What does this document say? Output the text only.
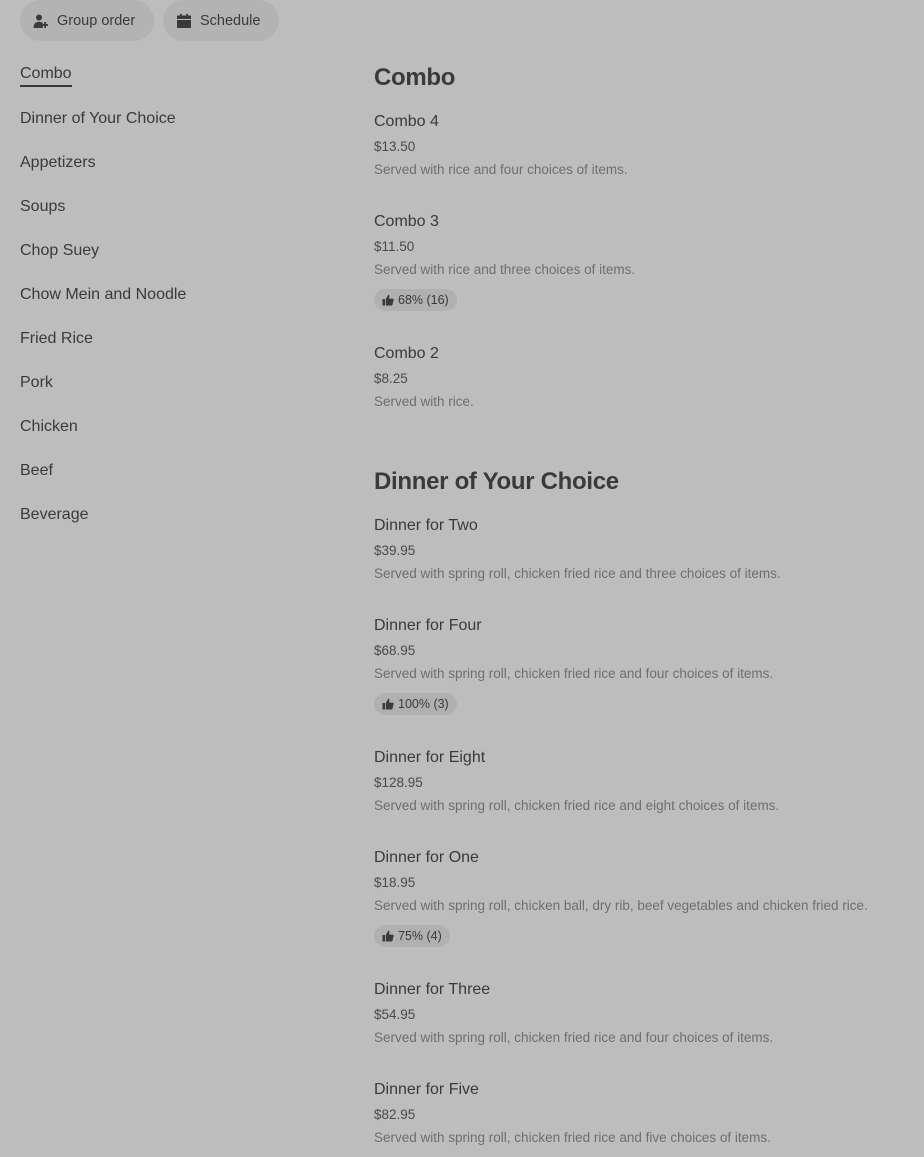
Group order	Schedule
Combo
Dinner of Your Choice
Appetizers
Soups
Chop Suey
Chow Mein and Noodle
Fried Rice
Pork
Chicken
Beef
Beverage
Combo
Combo 4
$13.50
Served with rice and four choices of items.
Combo 3
$11.50
Served with rice and three choices of items.
68% (16)
Combo 2
$8.25
Served with rice.
Dinner of Your Choice
Dinner for Two
$39.95
Served with spring roll, chicken fried rice and three choices of items.
Dinner for Four
$68.95
Served with spring roll, chicken fried rice and four choices of items.
100% (3)
Dinner for Eight
$128.95
Served with spring roll, chicken fried rice and eight choices of items.
Dinner for One
$18.95
Served with spring roll, chicken ball, dry rib, beef vegetables and chicken fried rice.
75% (4)
Dinner for Three
$54.95
Served with spring roll, chicken fried rice and four choices of items.
Dinner for Five
$82.95
Served with spring roll, chicken fried rice and five choices of items.
